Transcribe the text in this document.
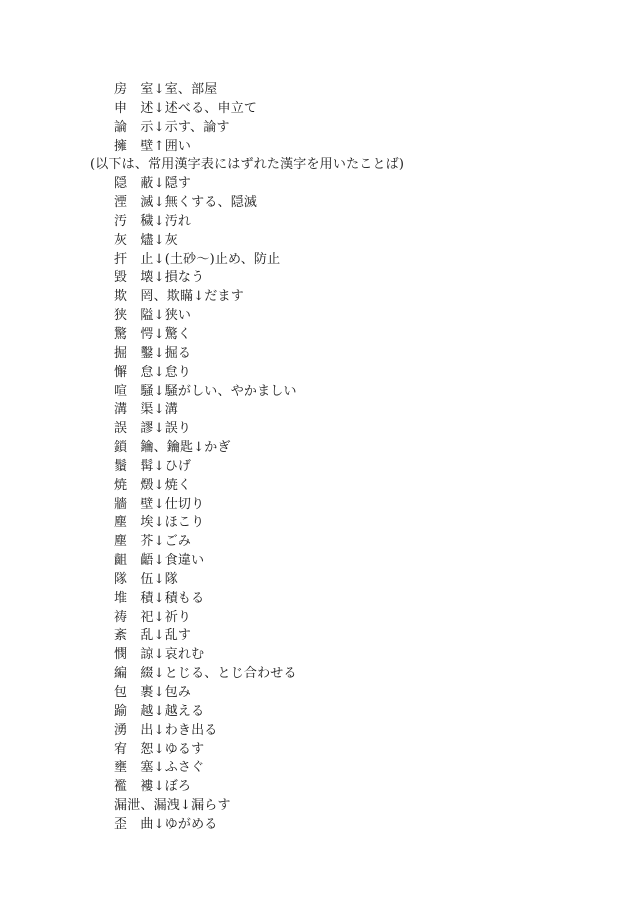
房　室↓室、部屋
申　述↓述べる、申立て
論　示↓示す、論す
擁　壁↑囲い
(以下は、常用漢字表にはずれた漢字を用いたことば)
隠　蔽↓隠す
湮　滅↓無くする、隠滅
汚　穢↓汚れ
灰　燼↓灰
扞　止↓(土砂〜)止め、防止
毀　壊↓損なう
欺　罔、欺瞞↓だます
狭　隘↓狭い
驚　愕↓驚く
掘　鑿↓掘る
懈　怠↓怠り
喧　騒↓騒がしい、やかましい
溝　渠↓溝
誤　謬↓誤り
鎖　鑰、鑰匙↓かぎ
鬚　髯↓ひげ
焼　燬↓焼く
牆　壁↓仕切り
塵　埃↓ほこり
塵　芥↓ごみ
齟　齬↓食違い
隊　伍↓隊
堆　積↓積もる
祷　祀↓祈り
紊　乱↓乱す
憫　諒↓哀れむ
編　綴↓とじる、とじ合わせる
包　裹↓包み
踰　越↓越える
湧　出↓わき出る
宥　恕↓ゆるす
壅　塞↓ふさぐ
襤　褸↓ぼろ
漏泄、漏洩↓漏らす
歪　曲↓ゆがめる
